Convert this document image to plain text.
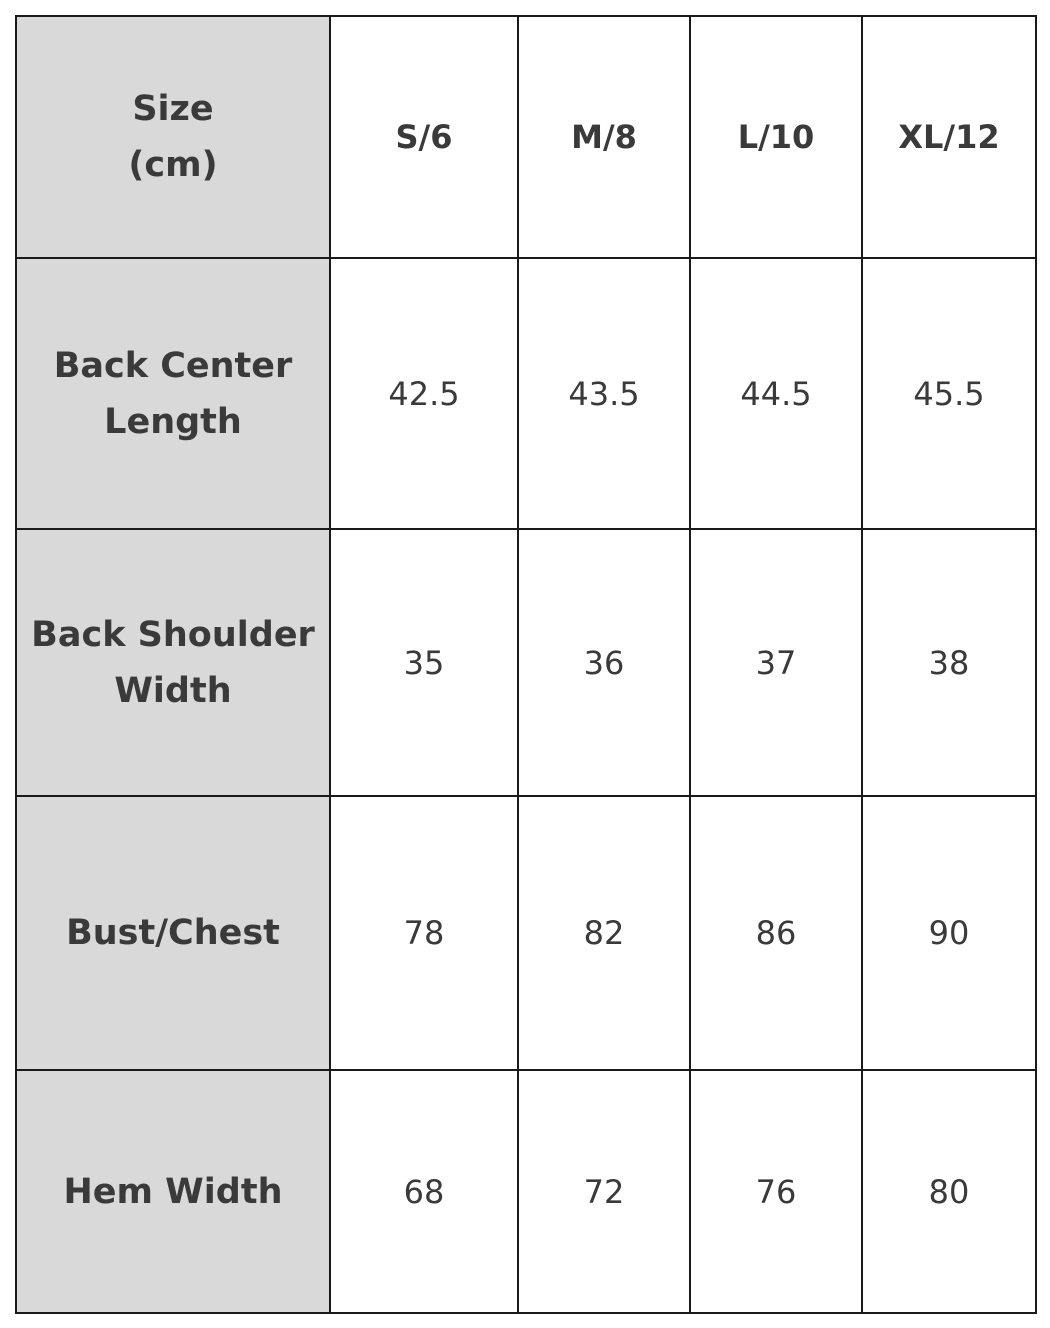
Size
(cm)	S/6	M/8	L/10	XL/12
Back Center
Length	42.5	43.5	44.5	45.5
Back Shoulder
Width	35	36	37	38
Bust/Chest	78	82	86	90
Hem Width	68	72	76	80
